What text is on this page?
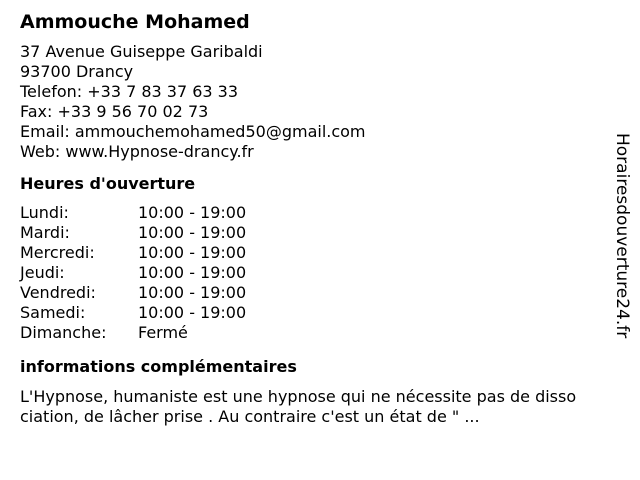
Ammouche Mohamed
37 Avenue Guiseppe Garibaldi
93700 Drancy
Telefon: +33 7 83 37 63 33
Fax: +33 9 56 70 02 73
Email: ammouchemohamed50@gmail.com
Web: www.Hypnose-drancy.fr
Heures d'ouverture
Lundi:	10:00 - 19:00
Mardi:	10:00 - 19:00
Mercredi:	10:00 - 19:00
Jeudi:	10:00 - 19:00
Vendredi:	10:00 - 19:00
Samedi:	10:00 - 19:00
Dimanche:	Fermé
informations complémentaires
L'Hypnose, humaniste est une hypnose qui ne nécessite pas de dissociation, de lâcher prise . Au contraire c'est un état de " ...
Horairesdouverture24.fr
